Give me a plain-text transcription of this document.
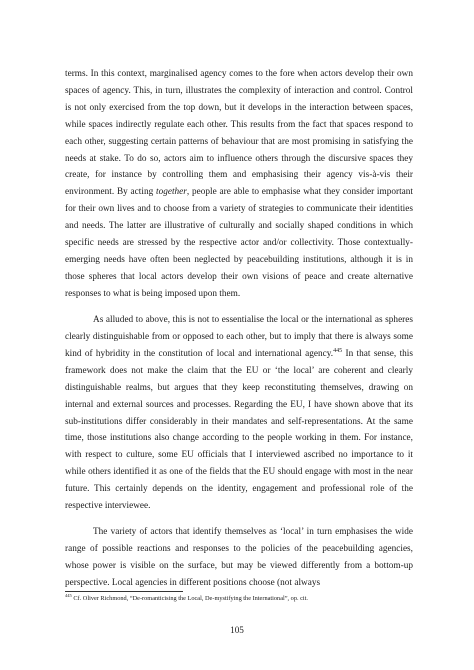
terms. In this context, marginalised agency comes to the fore when actors develop their own spaces of agency. This, in turn, illustrates the complexity of interaction and control. Control is not only exercised from the top down, but it develops in the interaction between spaces, while spaces indirectly regulate each other. This results from the fact that spaces respond to each other, suggesting certain patterns of behaviour that are most promising in satisfying the needs at stake. To do so, actors aim to influence others through the discursive spaces they create, for instance by controlling them and emphasising their agency vis-à-vis their environment. By acting together, people are able to emphasise what they consider important for their own lives and to choose from a variety of strategies to communicate their identities and needs. The latter are illustrative of culturally and socially shaped conditions in which specific needs are stressed by the respective actor and/or collectivity. Those contextually-emerging needs have often been neglected by peacebuilding institutions, although it is in those spheres that local actors develop their own visions of peace and create alternative responses to what is being imposed upon them.

As alluded to above, this is not to essentialise the local or the international as spheres clearly distinguishable from or opposed to each other, but to imply that there is always some kind of hybridity in the constitution of local and international agency.$^{445}$ In that sense, this framework does not make the claim that the EU or ‘the local’ are coherent and clearly distinguishable realms, but argues that they keep reconstituting themselves, drawing on internal and external sources and processes. Regarding the EU, I have shown above that its sub-institutions differ considerably in their mandates and self-representations. At the same time, those institutions also change according to the people working in them. For instance, with respect to culture, some EU officials that I interviewed ascribed no importance to it while others identified it as one of the fields that the EU should engage with most in the near future. This certainly depends on the identity, engagement and professional role of the respective interviewee.

The variety of actors that identify themselves as ‘local’ in turn emphasises the wide range of possible reactions and responses to the policies of the peacebuilding agencies, whose power is visible on the surface, but may be viewed differently from a bottom-up perspective. Local agencies in different positions choose (not always

$^{445}$ Cf. Oliver Richmond, “De-romanticising the Local, De-mystifying the International”, op. cit.
105
